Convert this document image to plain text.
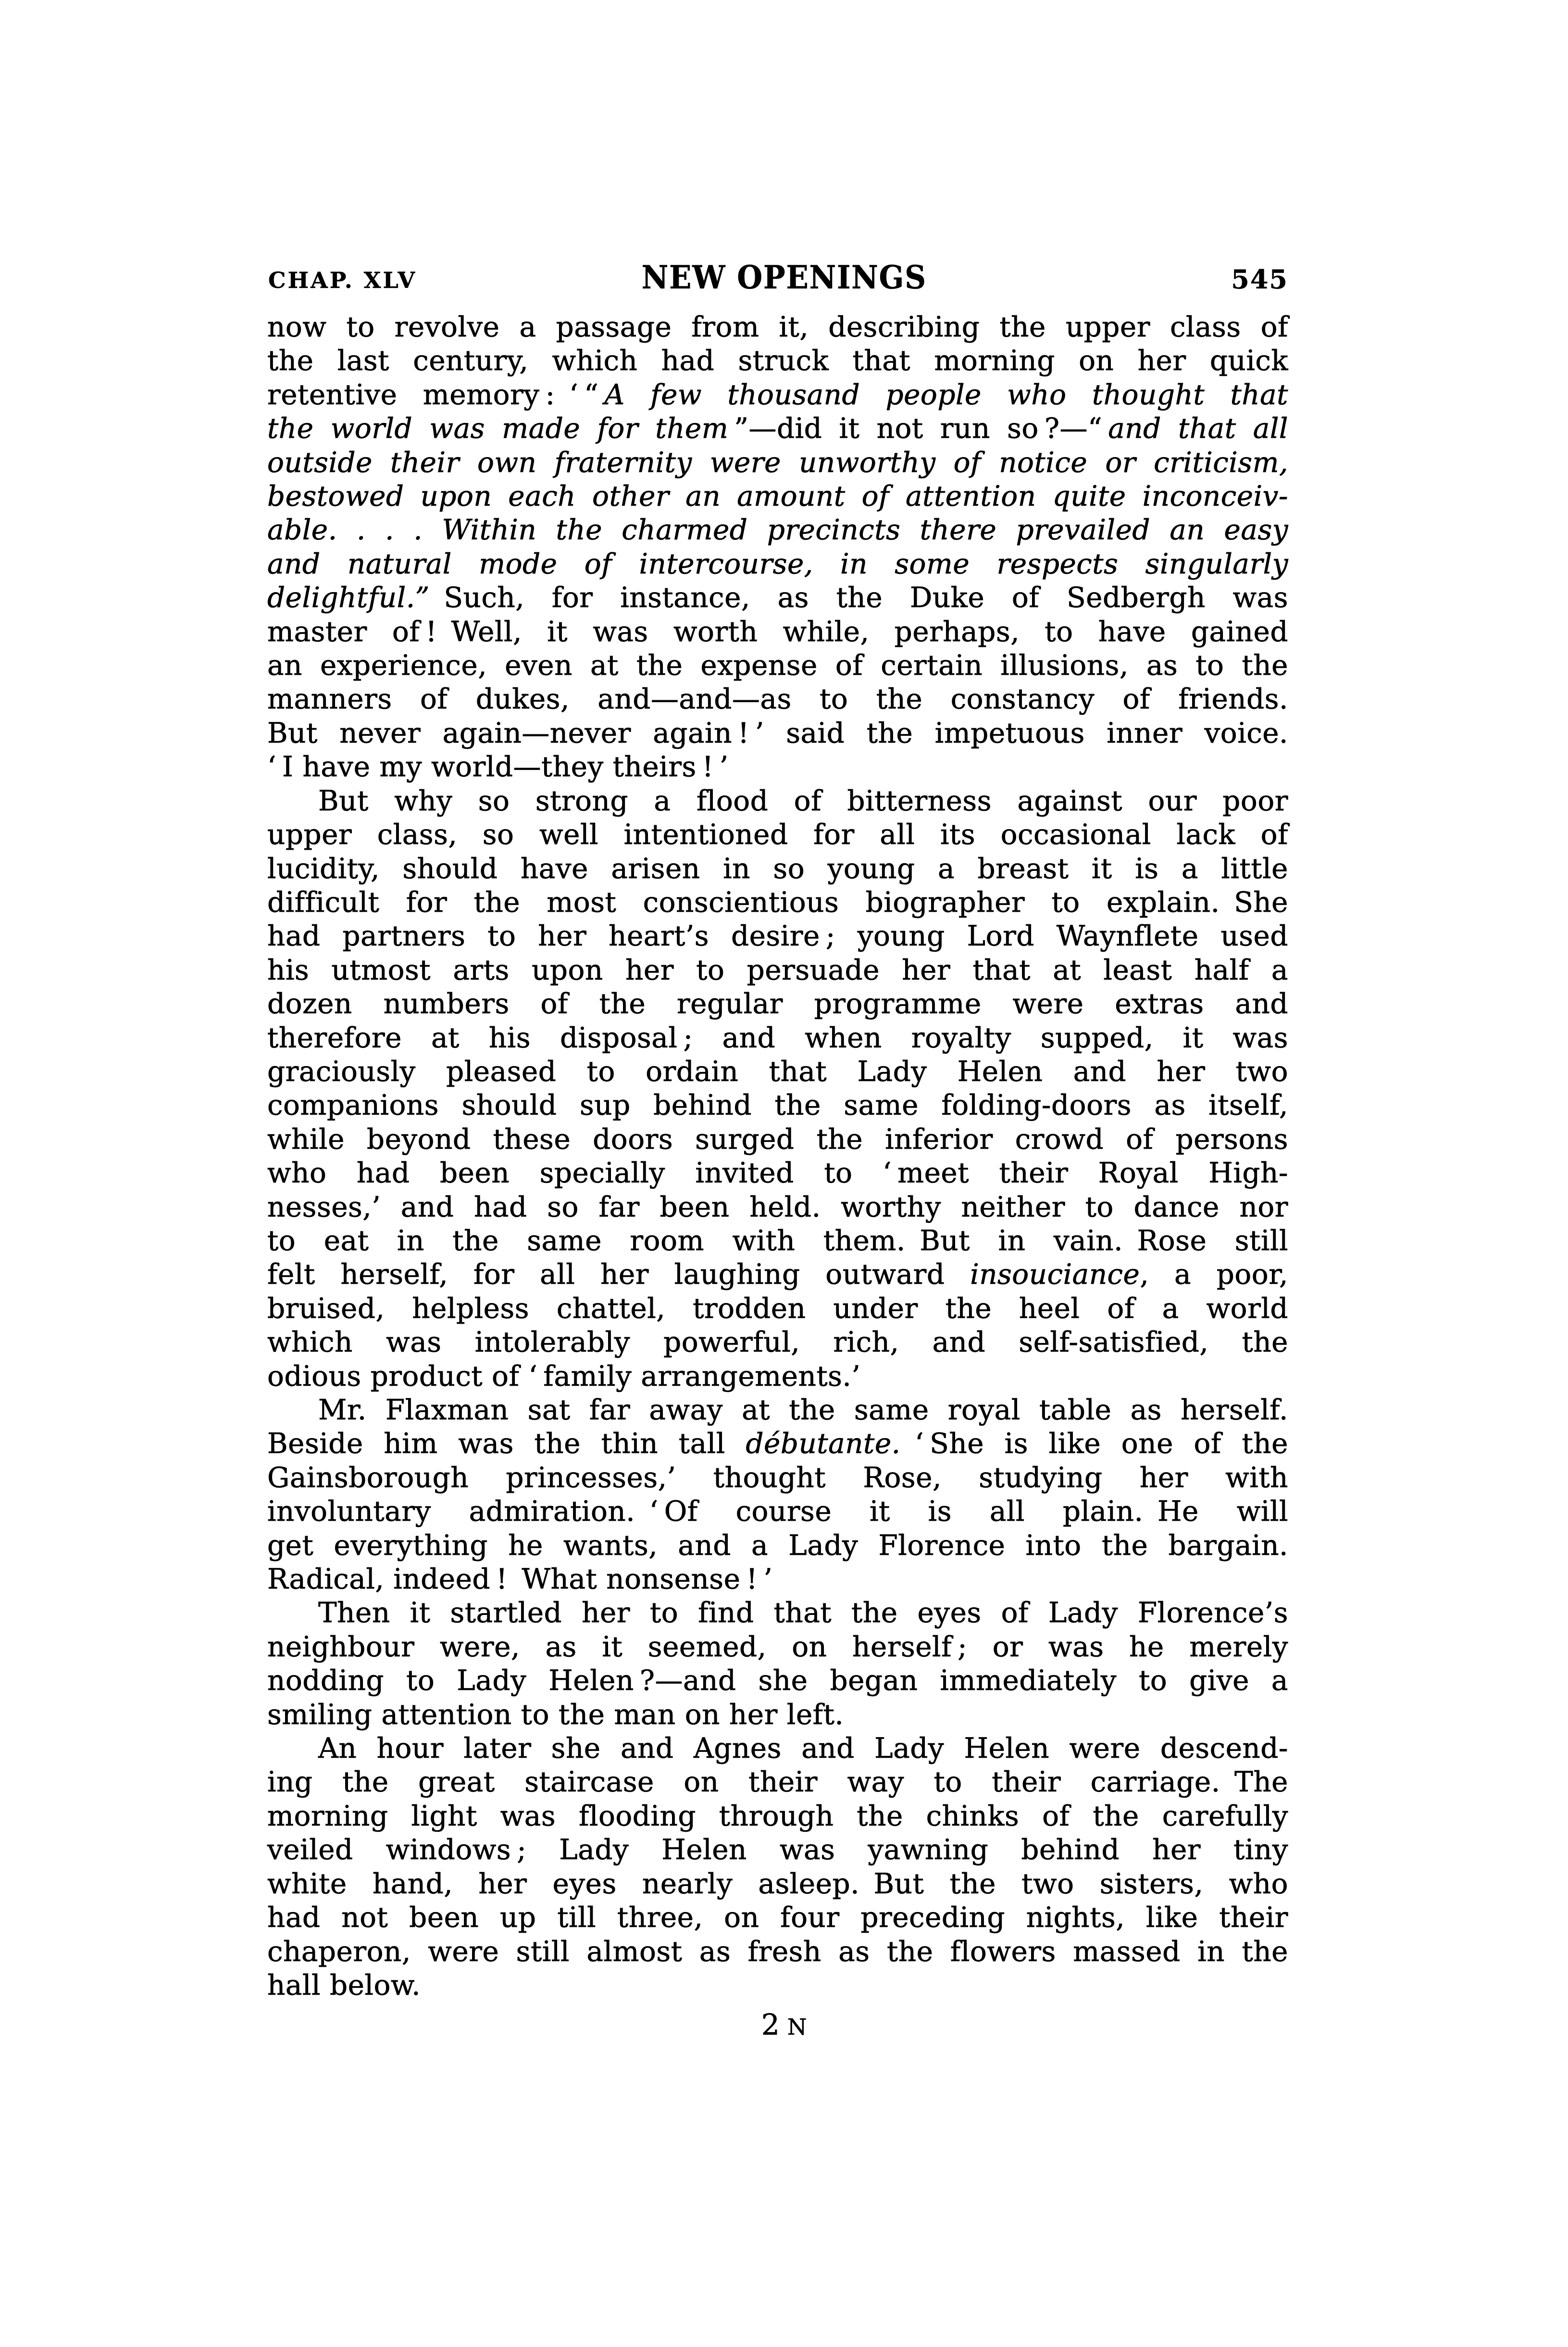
CHAP. XLV	NEW OPENINGS	545
now to revolve a passage from it, describing the upper class of
the last century, which had struck that morning on her quick
retentive memory : ‘ “ A few thousand people who thought that
the world was made for them ”—did it not run so ?—“ and that all
outside their own fraternity were unworthy of notice or criticism,
bestowed upon each other an amount of attention quite inconceiv-
able. . . . Within the charmed precincts there prevailed an easy
and natural mode of intercourse, in some respects singularly
delightful.” Such, for instance, as the Duke of Sedbergh was
master of ! Well, it was worth while, perhaps, to have gained
an experience, even at the expense of certain illusions, as to the
manners of dukes, and—and—as to the constancy of friends.
But never again—never again ! ’ said the impetuous inner voice.
‘ I have my world—they theirs ! ’
But why so strong a flood of bitterness against our poor
upper class, so well intentioned for all its occasional lack of
lucidity, should have arisen in so young a breast it is a little
difficult for the most conscientious biographer to explain. She
had partners to her heart’s desire ; young Lord Waynflete used
his utmost arts upon her to persuade her that at least half a
dozen numbers of the regular programme were extras and
therefore at his disposal ; and when royalty supped, it was
graciously pleased to ordain that Lady Helen and her two
companions should sup behind the same folding-doors as itself,
while beyond these doors surged the inferior crowd of persons
who had been specially invited to ‘ meet their Royal High-
nesses,’ and had so far been held. worthy neither to dance nor
to eat in the same room with them. But in vain. Rose still
felt herself, for all her laughing outward insouciance, a poor,
bruised, helpless chattel, trodden under the heel of a world
which was intolerably powerful, rich, and self-satisfied, the
odious product of ‘ family arrangements.’
Mr. Flaxman sat far away at the same royal table as herself.
Beside him was the thin tall débutante. ‘ She is like one of the
Gainsborough princesses,’ thought Rose, studying her with
involuntary admiration. ‘ Of course it is all plain. He will
get everything he wants, and a Lady Florence into the bargain.
Radical, indeed ! What nonsense ! ’
Then it startled her to find that the eyes of Lady Florence’s
neighbour were, as it seemed, on herself ; or was he merely
nodding to Lady Helen ?—and she began immediately to give a
smiling attention to the man on her left.
An hour later she and Agnes and Lady Helen were descend-
ing the great staircase on their way to their carriage. The
morning light was flooding through the chinks of the carefully
veiled windows ; Lady Helen was yawning behind her tiny
white hand, her eyes nearly asleep. But the two sisters, who
had not been up till three, on four preceding nights, like their
chaperon, were still almost as fresh as the flowers massed in the
hall below.
2 N
